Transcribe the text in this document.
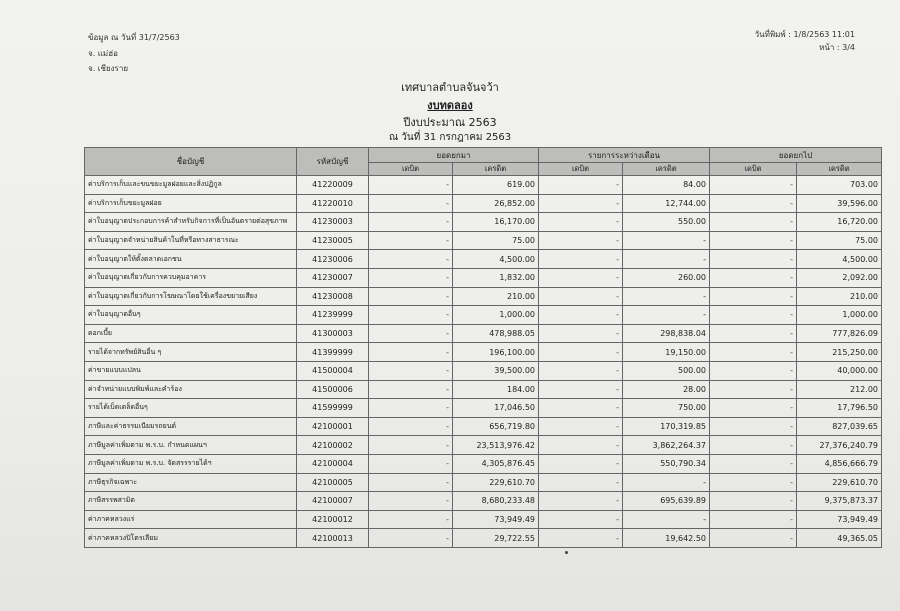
ข้อมูล ณ วันที่ 31/7/2563
จ. แม่ฮ่อ
จ. เชียงราย
วันที่พิมพ์ : 1/8/2563 11:01
หน้า : 3/4
เทศบาลตำบลจันจว้า
งบทดลอง
ปีงบประมาณ 2563
ณ วันที่ 31 กรกฎาคม 2563
ชื่อบัญชี	รหัสบัญชี	ยอดยกมา		รายการระหว่างเดือน		ยอดยกไป	
		เดบิต	เครดิต	เดบิต	เครดิต	เดบิต	เครดิต
ค่าบริการเก็บและขนขยะมูลฝอยและสิ่งปฏิกูล	41220009	-	619.00	-	84.00	-	703.00
ค่าบริการเก็บขยะมูลฝอย	41220010	-	26,852.00	-	12,744.00	-	39,596.00
ค่าใบอนุญาตประกอบการค้าสำหรับกิจการที่เป็นอันตรายต่อสุขภาพ	41230003	-	16,170.00	-	550.00	-	16,720.00
ค่าใบอนุญาตจำหน่ายสินค้าในที่หรือทางสาธารณะ	41230005	-	75.00	-	-	-	75.00
ค่าใบอนุญาตให้ตั้งตลาดเอกชน	41230006	-	4,500.00	-	-	-	4,500.00
ค่าใบอนุญาตเกี่ยวกับการควบคุมอาคาร	41230007	-	1,832.00	-	260.00	-	2,092.00
ค่าใบอนุญาตเกี่ยวกับการโฆษณาโดยใช้เครื่องขยายเสียง	41230008	-	210.00	-	-	-	210.00
ค่าใบอนุญาตอื่นๆ	41239999	-	1,000.00	-	-	-	1,000.00
ดอกเบี้ย	41300003	-	478,988.05	-	298,838.04	-	777,826.09
รายได้จากทรัพย์สินอื่น ๆ	41399999	-	196,100.00	-	19,150.00	-	215,250.00
ค่าขายแบบแปลน	41500004	-	39,500.00	-	500.00	-	40,000.00
ค่าจำหน่ายแบบพิมพ์และคำร้อง	41500006	-	184.00	-	28.00	-	212.00
รายได้เบ็ดเตล็ดอื่นๆ	41599999	-	17,046.50	-	750.00	-	17,796.50
ภาษีและค่าธรรมเนียมรถยนต์	42100001	-	656,719.80	-	170,319.85	-	827,039.65
ภาษีมูลค่าเพิ่มตาม พ.ร.บ. กำหนดแผนฯ	42100002	-	23,513,976.42	-	3,862,264.37	-	27,376,240.79
ภาษีมูลค่าเพิ่มตาม พ.ร.บ. จัดสรรรายได้ฯ	42100004	-	4,305,876.45	-	550,790.34	-	4,856,666.79
ภาษีธุรกิจเฉพาะ	42100005	-	229,610.70	-	-	-	229,610.70
ภาษีสรรพสามิต	42100007	-	8,680,233.48	-	695,639.89	-	9,375,873.37
ค่าภาคหลวงแร่	42100012	-	73,949.49	-	-	-	73,949.49
ค่าภาคหลวงปิโตรเลียม	42100013	-	29,722.55	-	19,642.50	-	49,365.05
